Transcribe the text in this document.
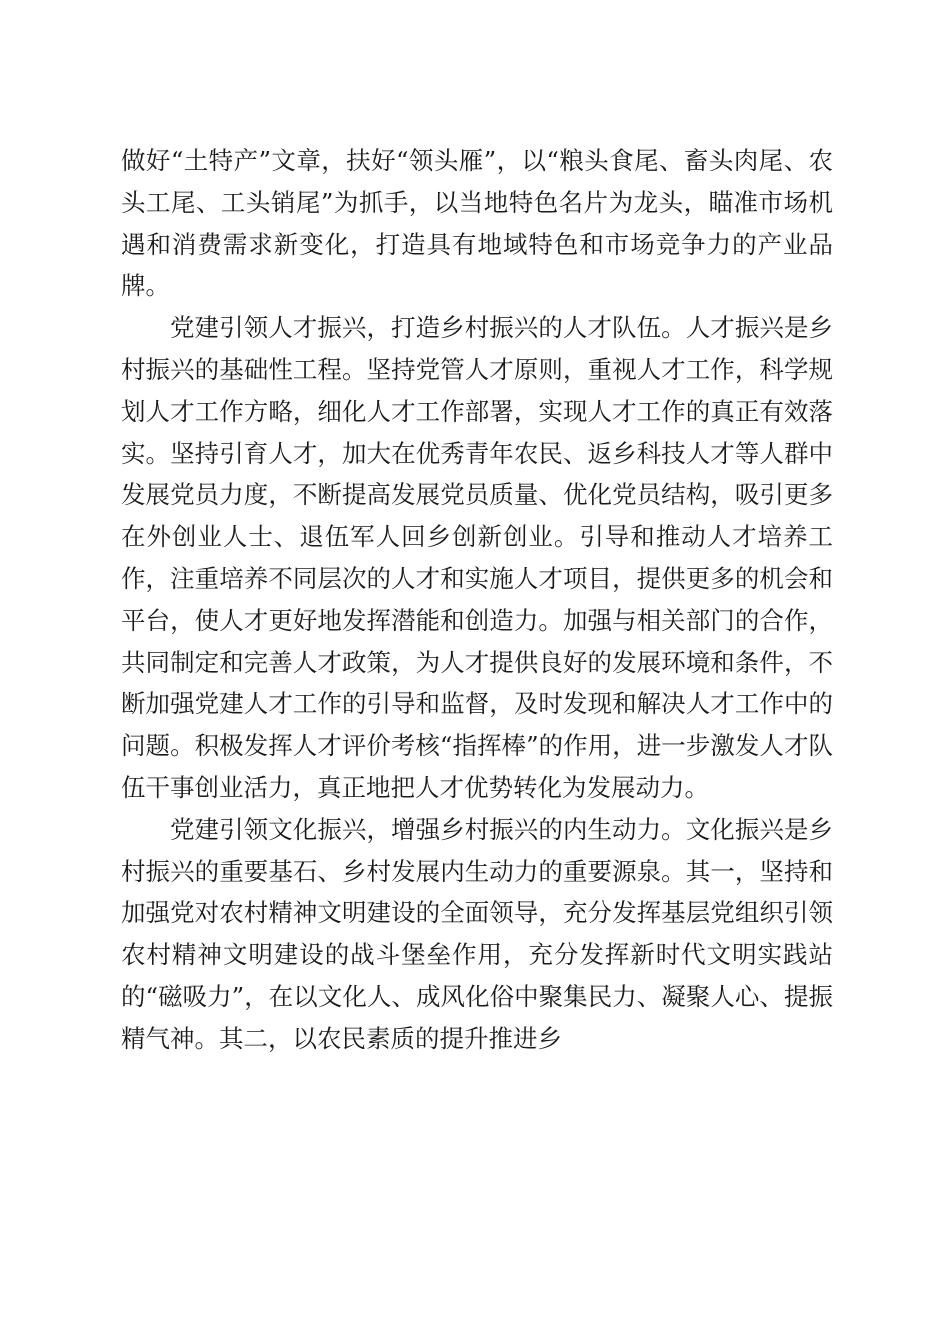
做好“土特产”文章，扶好“领头雁”，以“粮头食尾、畜头肉尾、农头工尾、工头销尾”为抓手，以当地特色名片为龙头，瞄准市场机遇和消费需求新变化，打造具有地域特色和市场竞争力的产业品牌。

党建引领人才振兴，打造乡村振兴的人才队伍。人才振兴是乡村振兴的基础性工程。坚持党管人才原则，重视人才工作，科学规划人才工作方略，细化人才工作部署，实现人才工作的真正有效落实。坚持引育人才，加大在优秀青年农民、返乡科技人才等人群中发展党员力度，不断提高发展党员质量、优化党员结构，吸引更多在外创业人士、退伍军人回乡创新创业。引导和推动人才培养工作，注重培养不同层次的人才和实施人才项目，提供更多的机会和平台，使人才更好地发挥潜能和创造力。加强与相关部门的合作，共同制定和完善人才政策，为人才提供良好的发展环境和条件，不断加强党建人才工作的引导和监督，及时发现和解决人才工作中的问题。积极发挥人才评价考核“指挥棒”的作用，进一步激发人才队伍干事创业活力，真正地把人才优势转化为发展动力。

党建引领文化振兴，增强乡村振兴的内生动力。文化振兴是乡村振兴的重要基石、乡村发展内生动力的重要源泉。其一，坚持和加强党对农村精神文明建设的全面领导，充分发挥基层党组织引领农村精神文明建设的战斗堡垒作用，充分发挥新时代文明实践站的“磁吸力”，在以文化人、成风化俗中聚集民力、凝聚人心、提振精气神。其二，以农民素质的提升推进乡
